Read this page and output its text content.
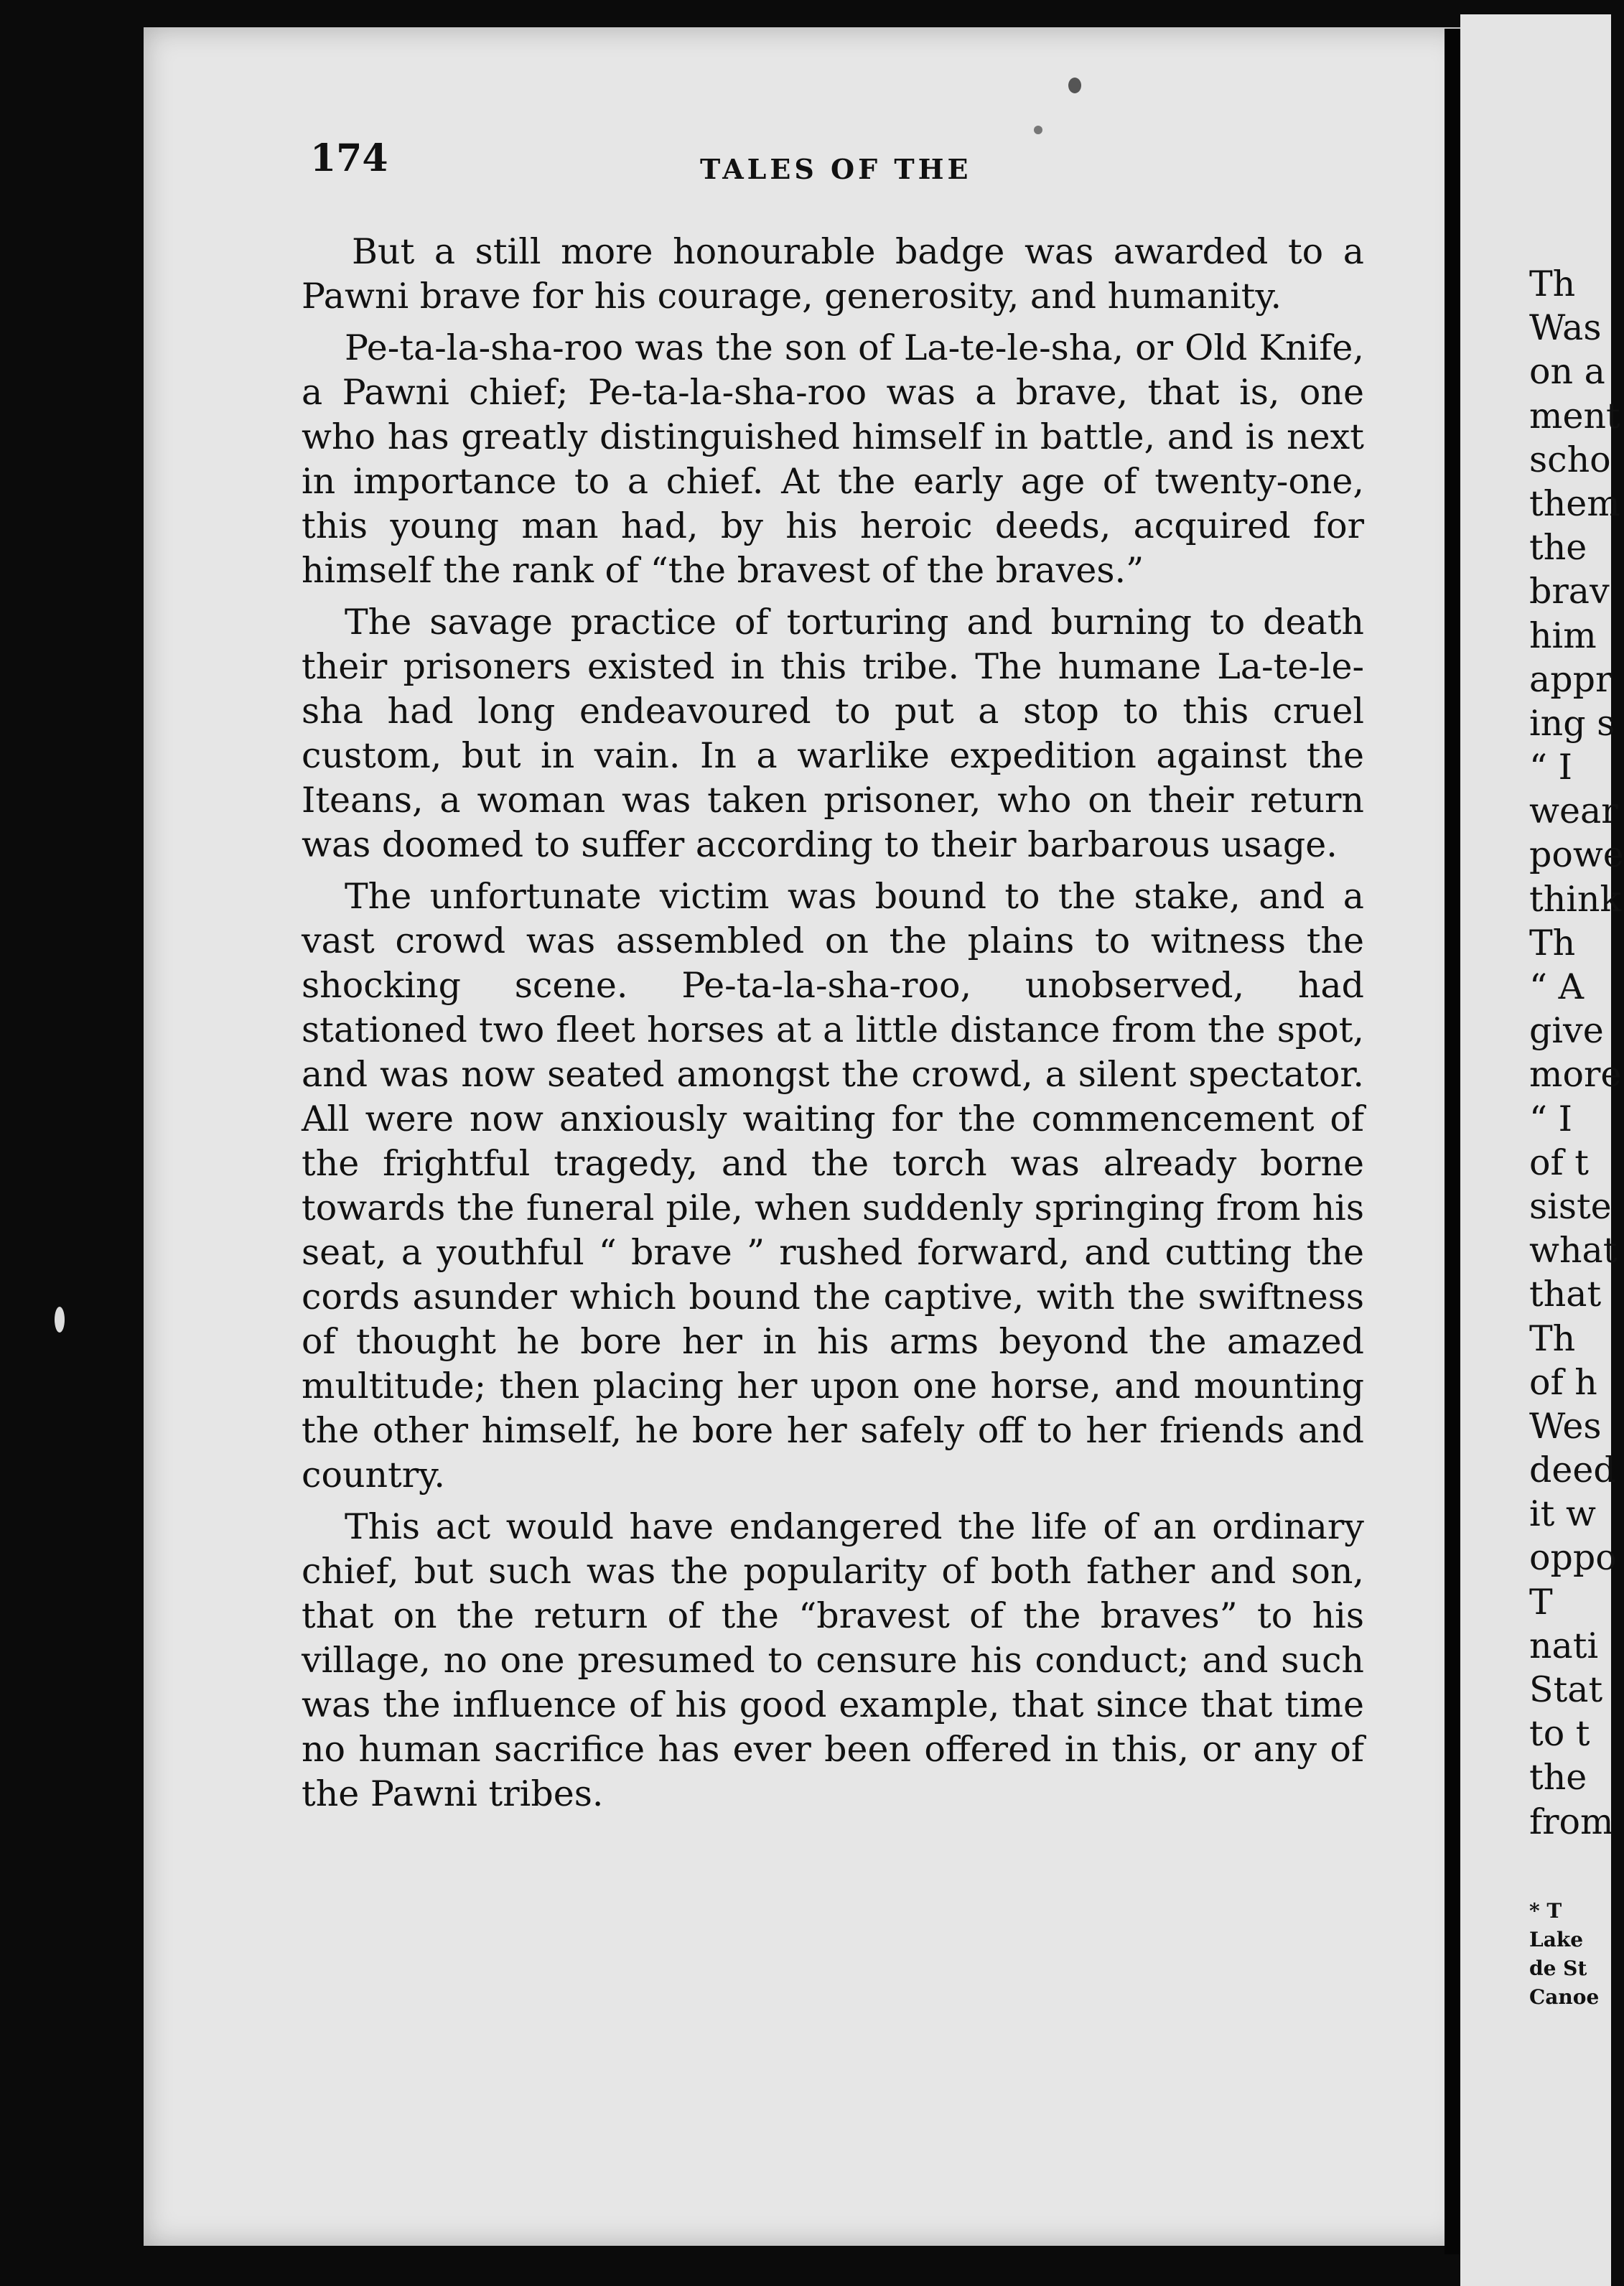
Th
Was
on a
ment
scho
them
the
brav
him
appr
ing s
“ I
wear
powe
think
Th
“ A
give
more
“ I
of t
siste
what
that
Th
of h
Wes
deed
it w
oppo
T
nati
Stat
to t
the
from
* T
Lake
de St
Canoe
174	TALES OF THE

But a still more honourable badge was awarded to a Pawni brave for his courage, generosity, and humanity.

Pe-ta-la-sha-roo was the son of La-te-le-sha, or Old Knife, a Pawni chief; Pe-ta-la-sha-roo was a brave, that is, one who has greatly distinguished himself in battle, and is next in importance to a chief. At the early age of twenty-one, this young man had, by his heroic deeds, acquired for himself the rank of “the bravest of the braves.”

The savage practice of torturing and burning to death their prisoners existed in this tribe. The humane La-te-le-sha had long endeavoured to put a stop to this cruel custom, but in vain. In a warlike expedition against the Iteans, a woman was taken prisoner, who on their return was doomed to suffer according to their barbarous usage.

The unfortunate victim was bound to the stake, and a vast crowd was assembled on the plains to witness the shocking scene. Pe-ta-la-sha-roo, unobserved, had stationed two fleet horses at a little distance from the spot, and was now seated amongst the crowd, a silent spectator. All were now anxiously waiting for the commencement of the frightful tragedy, and the torch was already borne towards the funeral pile, when suddenly springing from his seat, a youthful “ brave ” rushed forward, and cutting the cords asunder which bound the captive, with the swiftness of thought he bore her in his arms beyond the amazed multitude; then placing her upon one horse, and mounting the other himself, he bore her safely off to her friends and country.

This act would have endangered the life of an ordinary chief, but such was the popularity of both father and son, that on the return of the “bravest of the braves” to his village, no one presumed to censure his conduct; and such was the influence of his good example, that since that time no human sacrifice has ever been offered in this, or any of the Pawni tribes.
